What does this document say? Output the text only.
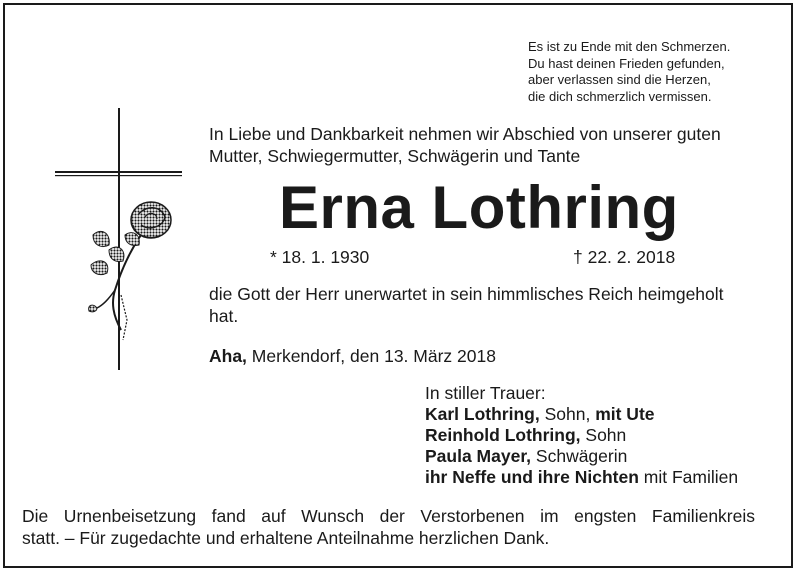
Es ist zu Ende mit den Schmerzen.

Du hast deinen Frieden gefunden,

aber verlassen sind die Herzen,

die dich schmerzlich vermissen.

In Liebe und Dankbarkeit nehmen wir Abschied von unserer guten

Mutter, Schwiegermutter, Schwägerin und Tante

Erna Lothring
* 18. 1. 1930	† 22. 2. 2018

die Gott der Herr unerwartet in sein himmlisches Reich heimgeholt

hat.

Aha, Merkendorf, den 13. März 2018
In stiller Trauer:
Karl Lothring, Sohn, mit Ute
Reinhold Lothring, Sohn
Paula Mayer, Schwägerin
ihr Neffe und ihre Nichten mit Familien

Die Urnenbeisetzung fand auf Wunsch der Verstorbenen im engsten Familienkreis

statt. – Für zugedachte und erhaltene Anteilnahme herzlichen Dank.
